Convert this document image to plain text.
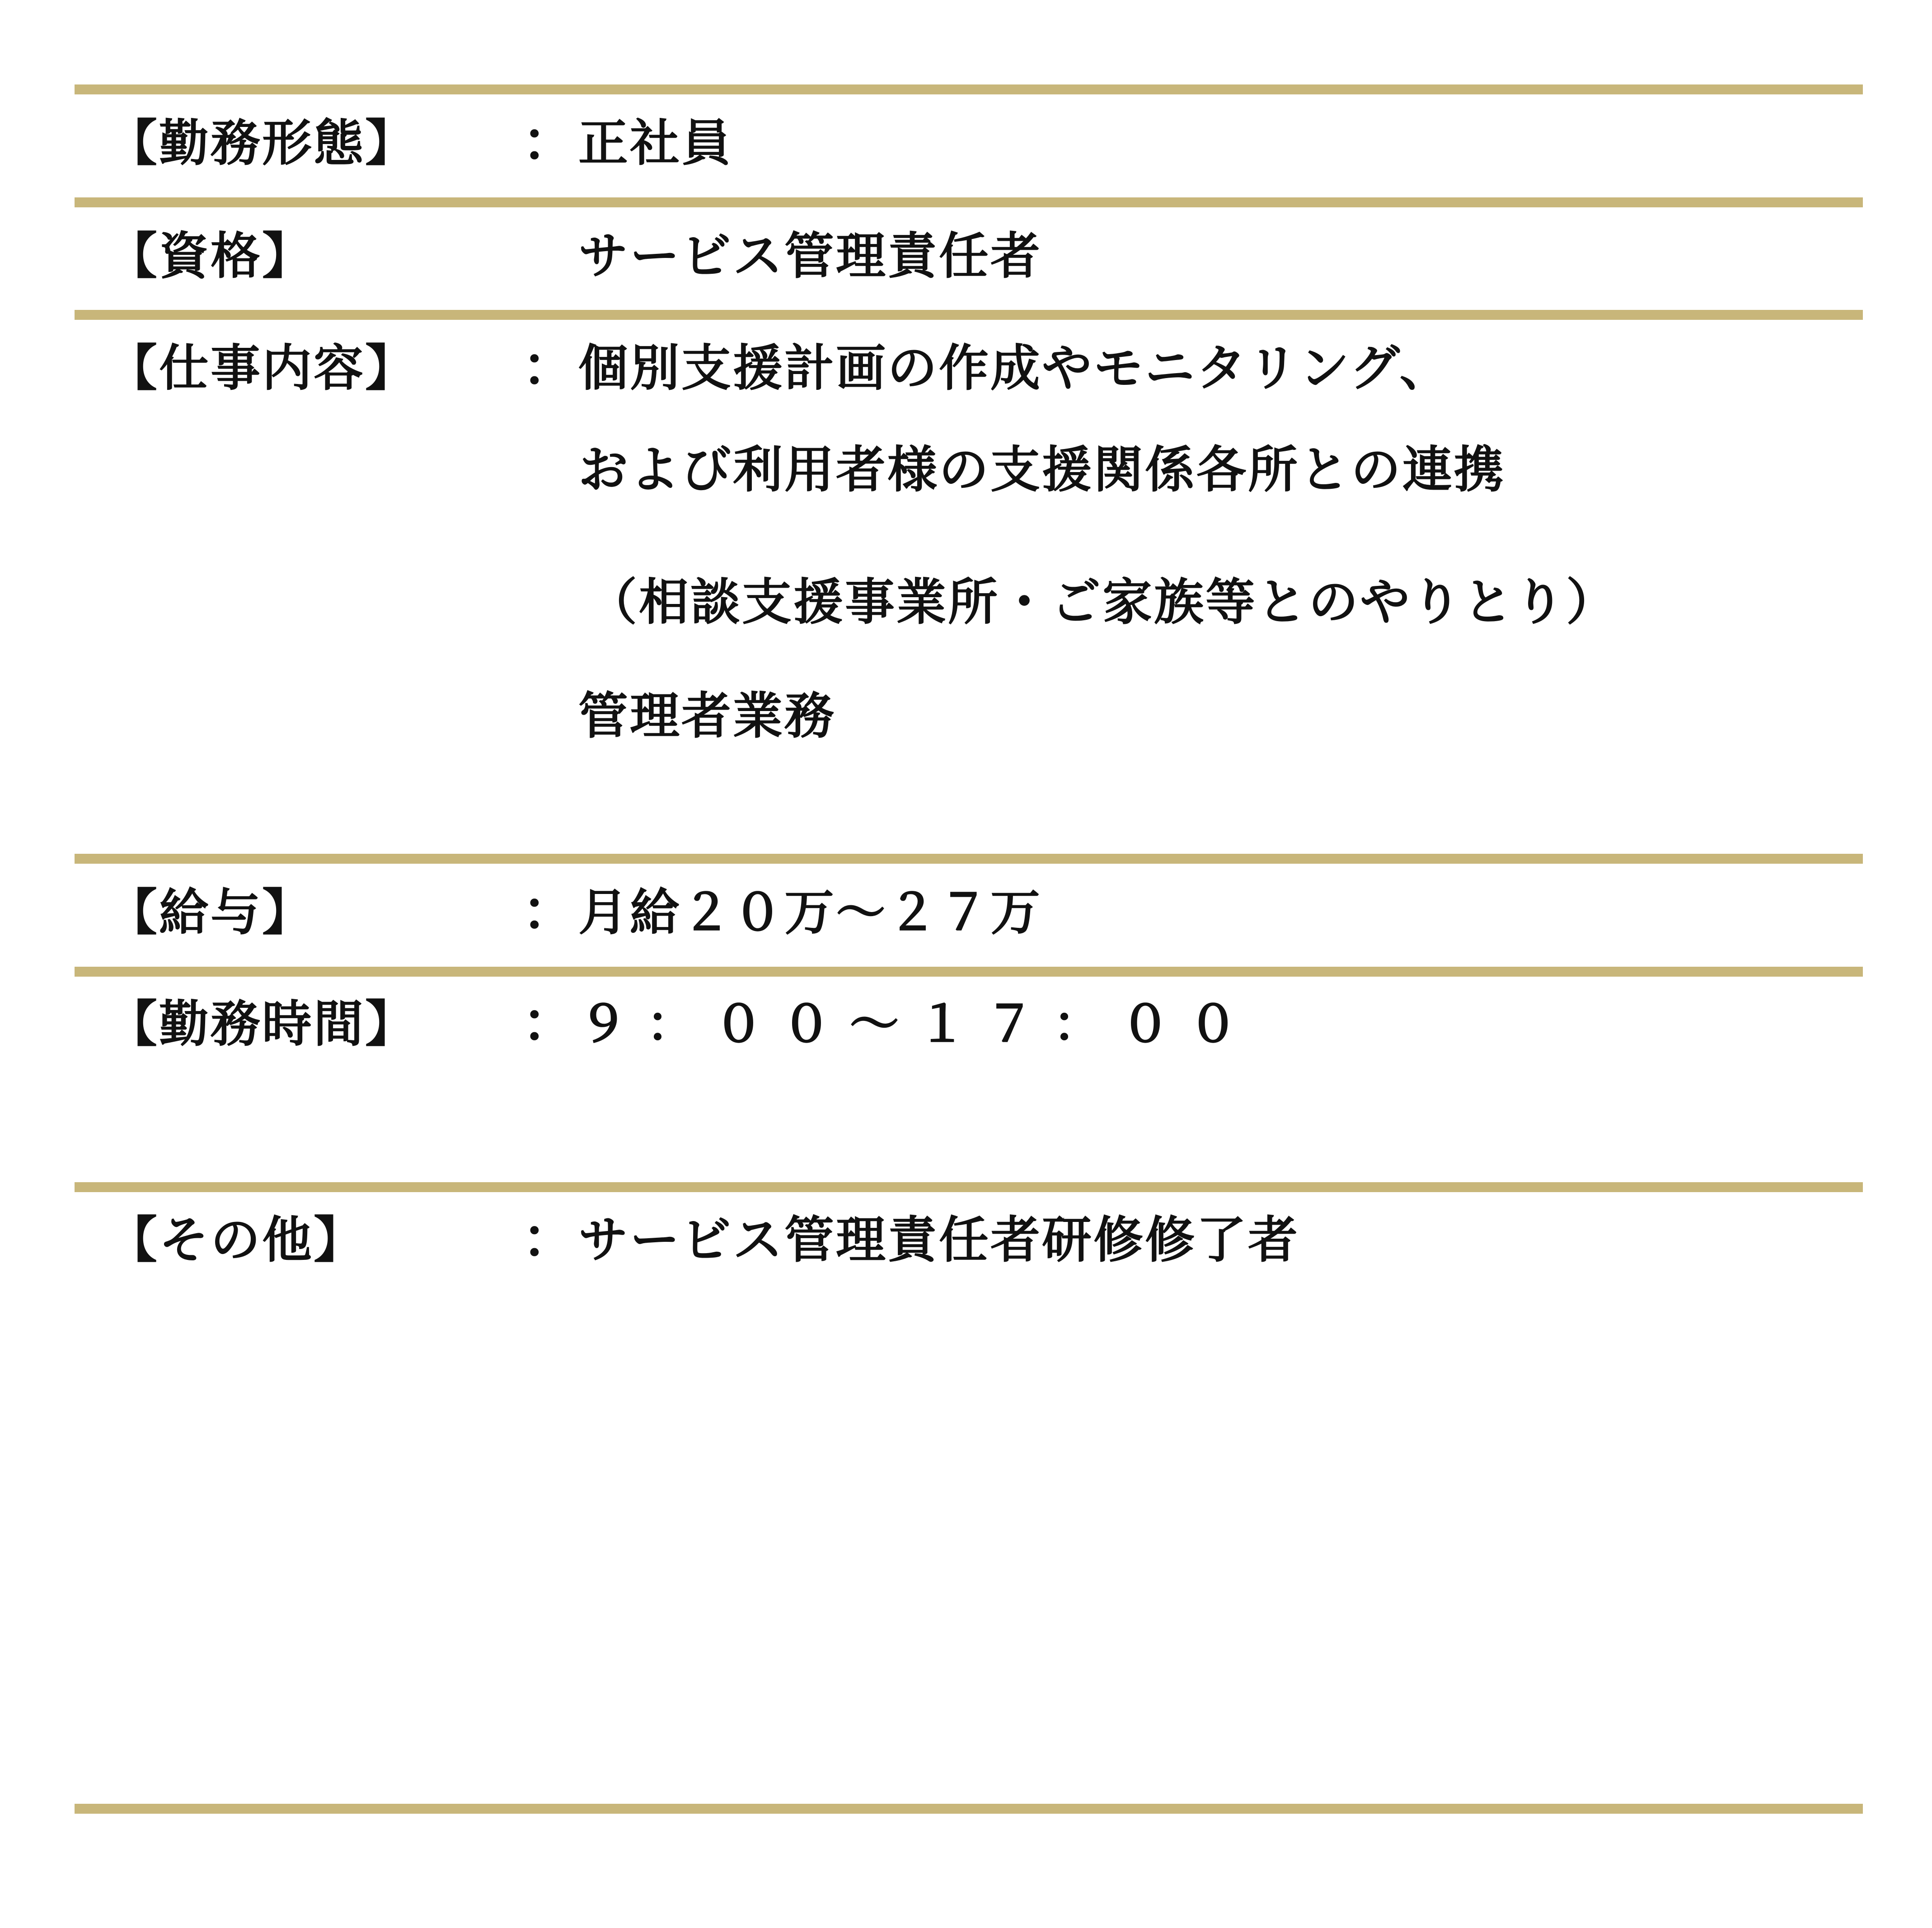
【勤務形態】 ： 正社員
【資格】	サービス管理責任者
【仕事内容】 ： 個別支援計画の作成やモニタリング、
および利用者様の支援関係各所との連携
（相談支援事業所・ご家族等とのやりとり）
管理者業務
【給与】	： 月給２０万～２７万
【勤務時間】 ： ９：００～１７：００
【その他】	： サービス管理責任者研修修了者
